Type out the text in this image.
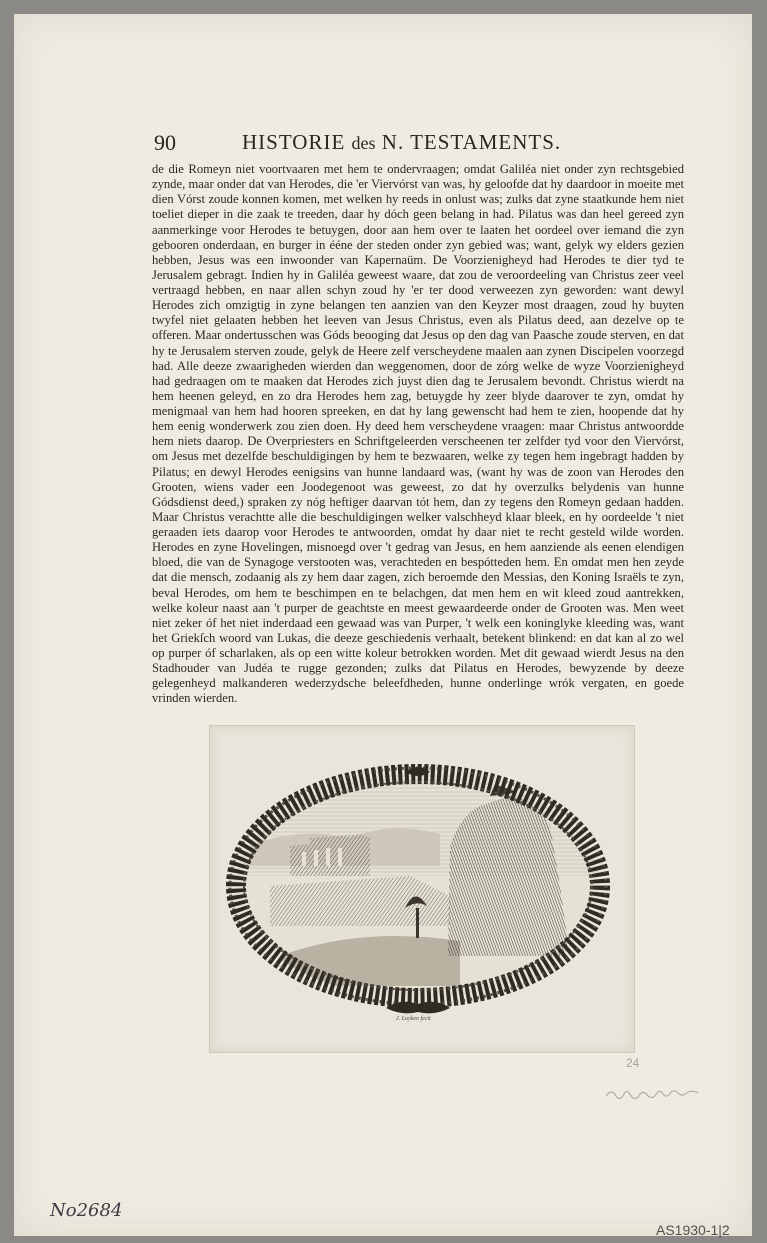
90	HISTORIE des N. TESTAMENTS.

de die Romeyn niet voortvaaren met hem te ondervraagen; omdat Galiléa niet onder zyn rechtsgebied zynde, maar onder dat van Herodes, die 'er Viervórst van was, hy geloofde dat hy daardoor in moeite met dien Vórst zoude konnen komen, met welken hy reeds in onlust was; zulks dat zyne staatkunde hem niet toeliet dieper in die zaak te treeden, daar hy dóch geen belang in had. Pilatus was dan heel gereed zyn aanmerkinge voor Herodes te betuygen, door aan hem over te laaten het oordeel over iemand die zyn gebooren onderdaan, en burger in ééne der steden onder zyn gebied was; want, gelyk wy elders gezien hebben, Jesus was een inwoonder van Kapernaüm. De Voorzienigheyd had Herodes te dier tyd te Jerusalem gebragt. Indien hy in Galiléa geweest waare, dat zou de veroordeeling van Christus zeer veel vertraagd hebben, en naar allen schyn zoud hy 'er ter dood verweezen zyn geworden: want dewyl Herodes zich omzigtig in zyne belangen ten aanzien van den Keyzer most draagen, zoud hy buyten twyfel niet gelaaten hebben het leeven van Jesus Christus, even als Pilatus deed, aan dezelve op te offeren. Maar ondertusschen was Góds beooging dat Jesus op den dag van Paasche zoude sterven, en dat hy te Jerusalem sterven zoude, gelyk de Heere zelf verscheydene maalen aan zynen Discipelen voorzegd had. Alle deeze zwaarigheden wierden dan weggenomen, door de zórg welke de wyze Voorzienigheyd had gedraagen om te maaken dat Herodes zich juyst dien dag te Jerusalem bevondt. Christus wierdt na hem heenen geleyd, en zo dra Herodes hem zag, betuygde hy zeer blyde daarover te zyn, omdat hy menigmaal van hem had hooren spreeken, en dat hy lang gewenscht had hem te zien, hoopende dat hy hem eenig wonderwerk zou zien doen. Hy deed hem verscheydene vraagen: maar Christus antwoordde hem niets daarop. De Overpriesters en Schriftgeleerden verscheenen ter zelfder tyd voor den Viervórst, om Jesus met dezelfde beschuldigingen by hem te bezwaaren, welke zy tegen hem ingebragt hadden by Pilatus; en dewyl Herodes eenigsins van hunne landaard was, (want hy was de zoon van Herodes den Grooten, wiens vader een Joodegenoot was geweest, zo dat hy overzulks belydenis van hunne Gódsdienst deed,) spraken zy nóg heftiger daarvan tót hem, dan zy tegens den Romeyn gedaan hadden. Maar Christus verachtte alle die beschuldigingen welker valschheyd klaar bleek, en hy oordeelde 't niet geraaden iets daarop voor Herodes te antwoorden, omdat hy daar niet te recht gesteld wilde worden. Herodes en zyne Hovelingen, misnoegd over 't gedrag van Jesus, en hem aanziende als eenen elendigen bloed, die van de Synagoge verstooten was, verachteden en bespótteden hem. En omdat men hen zeyde dat die mensch, zodaanig als zy hem daar zagen, zich beroemde den Messias, den Koning Israëls te zyn, beval Herodes, om hem te beschimpen en te belachgen, dat men hem en wit kleed zoud aantrekken, welke koleur naast aan 't purper de geachtste en meest gewaardeerde onder de Grooten was. Men weet niet zeker óf het niet inderdaad een gewaad was van Purper, 't welk een koninglyke kleeding was, want het Griekſch woord van Lukas, die deeze geschiedenis verhaalt, betekent blinkend: en dat kan al zo wel op purper óf scharlaken, als op een witte koleur betrokken worden. Met dit gewaad wierdt Jesus na den Stadhouder van Judéa te rugge gezonden; zulks dat Pilatus en Herodes, bewyzende by deeze gelegenheyd malkanderen wederzydsche beleefdheden, hunne onderlinge wrók vergaten, en goede vrinden wierden.

J. Luyken fecit
24
No2684
AS1930-1|2
